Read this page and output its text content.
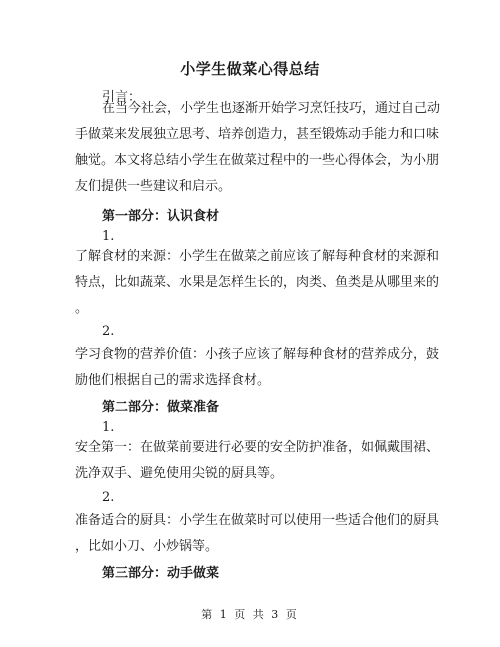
小学生做菜心得总结
引言：
在当今社会，小学生也逐渐开始学习烹饪技巧，通过自己动
手做菜来发展独立思考、培养创造力，甚至锻炼动手能力和口味
触觉。本文将总结小学生在做菜过程中的一些心得体会，为小朋
友们提供一些建议和启示。
第一部分：认识食材
1.
了解食材的来源：小学生在做菜之前应该了解每种食材的来源和
特点，比如蔬菜、水果是怎样生长的，肉类、鱼类是从哪里来的
。
2.
学习食物的营养价值：小孩子应该了解每种食材的营养成分，鼓
励他们根据自己的需求选择食材。
第二部分：做菜准备
1.
安全第一：在做菜前要进行必要的安全防护准备，如佩戴围裙、
洗净双手、避免使用尖锐的厨具等。
2.
准备适合的厨具：小学生在做菜时可以使用一些适合他们的厨具
，比如小刀、小炒锅等。
第三部分：动手做菜
第 1 页 共 3 页
